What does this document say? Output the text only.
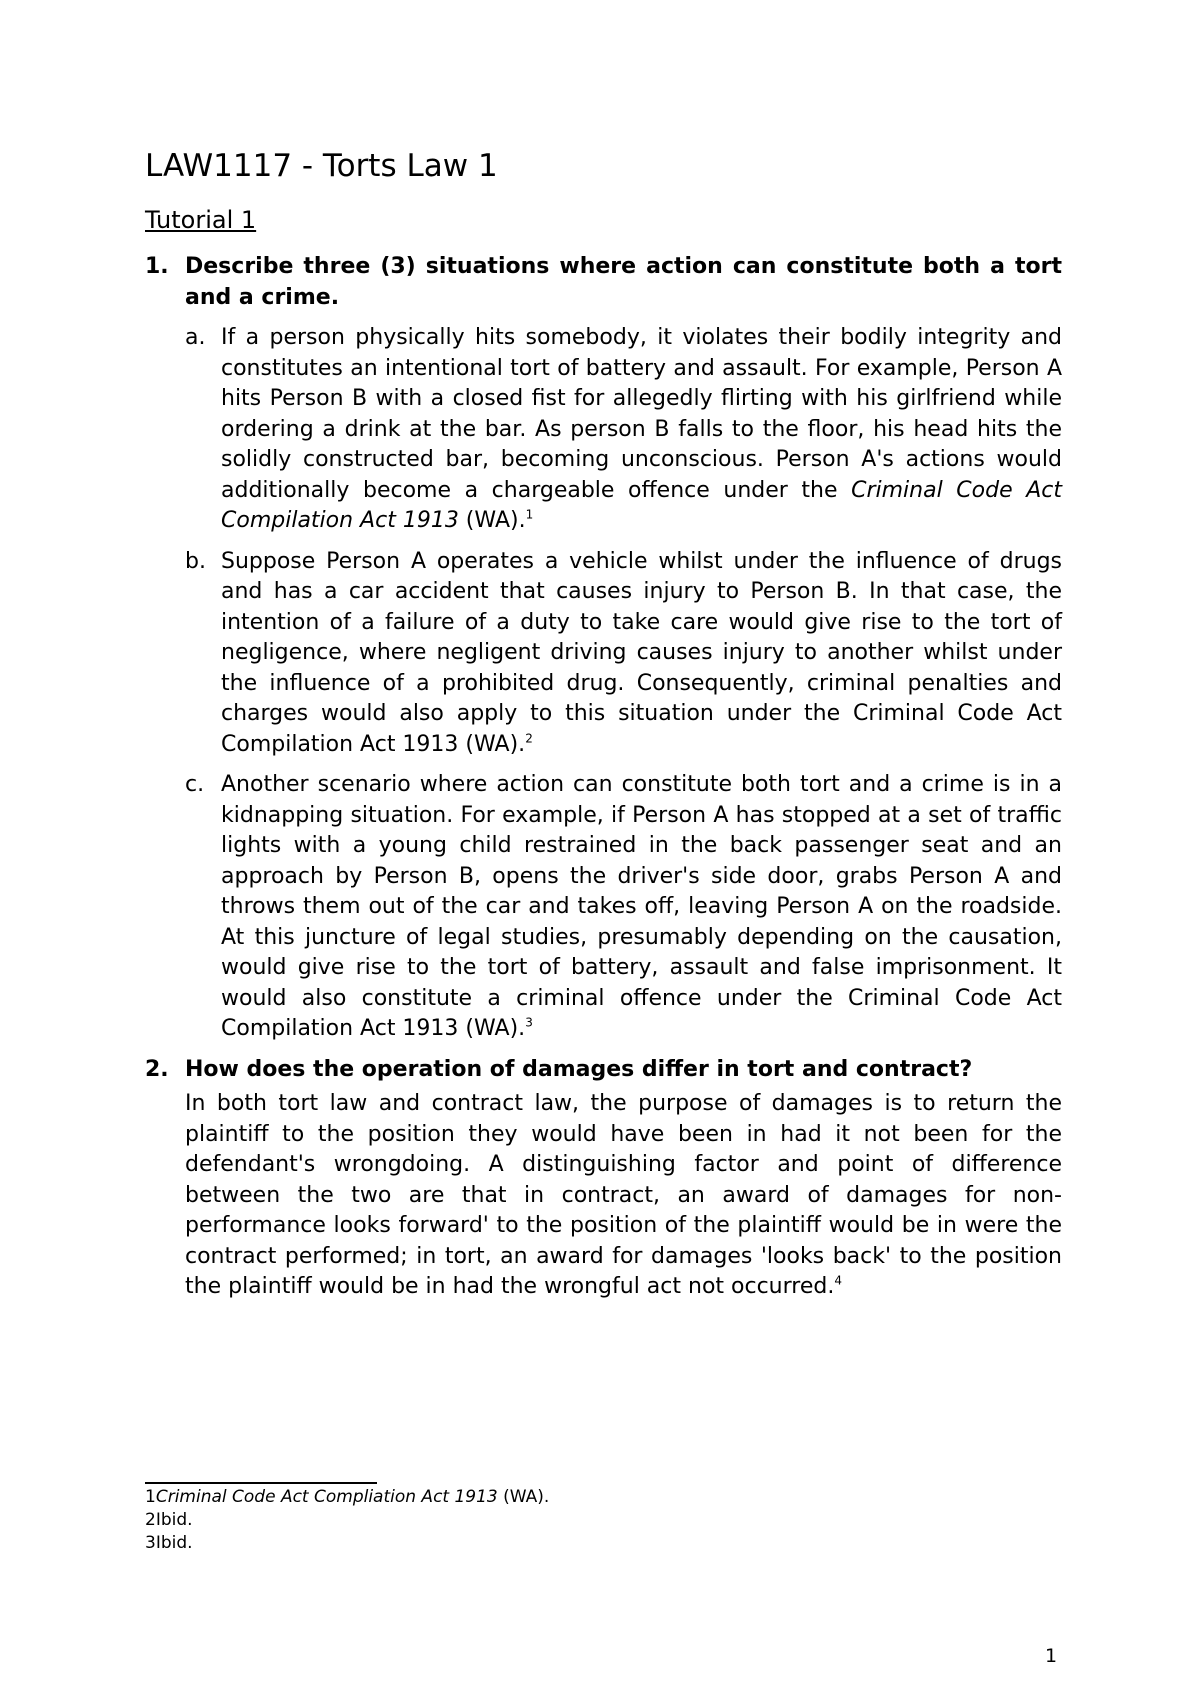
LAW1117 - Torts Law 1
Tutorial 1
1. Describe three (3) situations where action can constitute both a tort and a crime.
a. If a person physically hits somebody, it violates their bodily integrity and constitutes an intentional tort of battery and assault. For example, Person A hits Person B with a closed fist for allegedly flirting with his girlfriend while ordering a drink at the bar. As person B falls to the floor, his head hits the solidly constructed bar, becoming unconscious. Person A's actions would additionally become a chargeable offence under the Criminal Code Act Compilation Act 1913 (WA).$^1$
b. Suppose Person A operates a vehicle whilst under the influence of drugs and has a car accident that causes injury to Person B. In that case, the intention of a failure of a duty to take care would give rise to the tort of negligence, where negligent driving causes injury to another whilst under the influence of a prohibited drug. Consequently, criminal penalties and charges would also apply to this situation under the Criminal Code Act Compilation Act 1913 (WA).$^2$
c. Another scenario where action can constitute both tort and a crime is in a kidnapping situation. For example, if Person A has stopped at a set of traffic lights with a young child restrained in the back passenger seat and an approach by Person B, opens the driver's side door, grabs Person A and throws them out of the car and takes off, leaving Person A on the roadside. At this juncture of legal studies, presumably depending on the causation, would give rise to the tort of battery, assault and false imprisonment. It would also constitute a criminal offence under the Criminal Code Act Compilation Act 1913 (WA).$^3$
2. How does the operation of damages differ in tort and contract?
In both tort law and contract law, the purpose of damages is to return the plaintiff to the position they would have been in had it not been for the defendant's wrongdoing. A distinguishing factor and point of difference between the two are that in contract, an award of damages for non-performance looks forward' to the position of the plaintiff would be in were the contract performed; in tort, an award for damages 'looks back' to the position the plaintiff would be in had the wrongful act not occurred.$^4$
1Criminal Code Act Compliation Act 1913 (WA).
2Ibid.
3Ibid.
1
